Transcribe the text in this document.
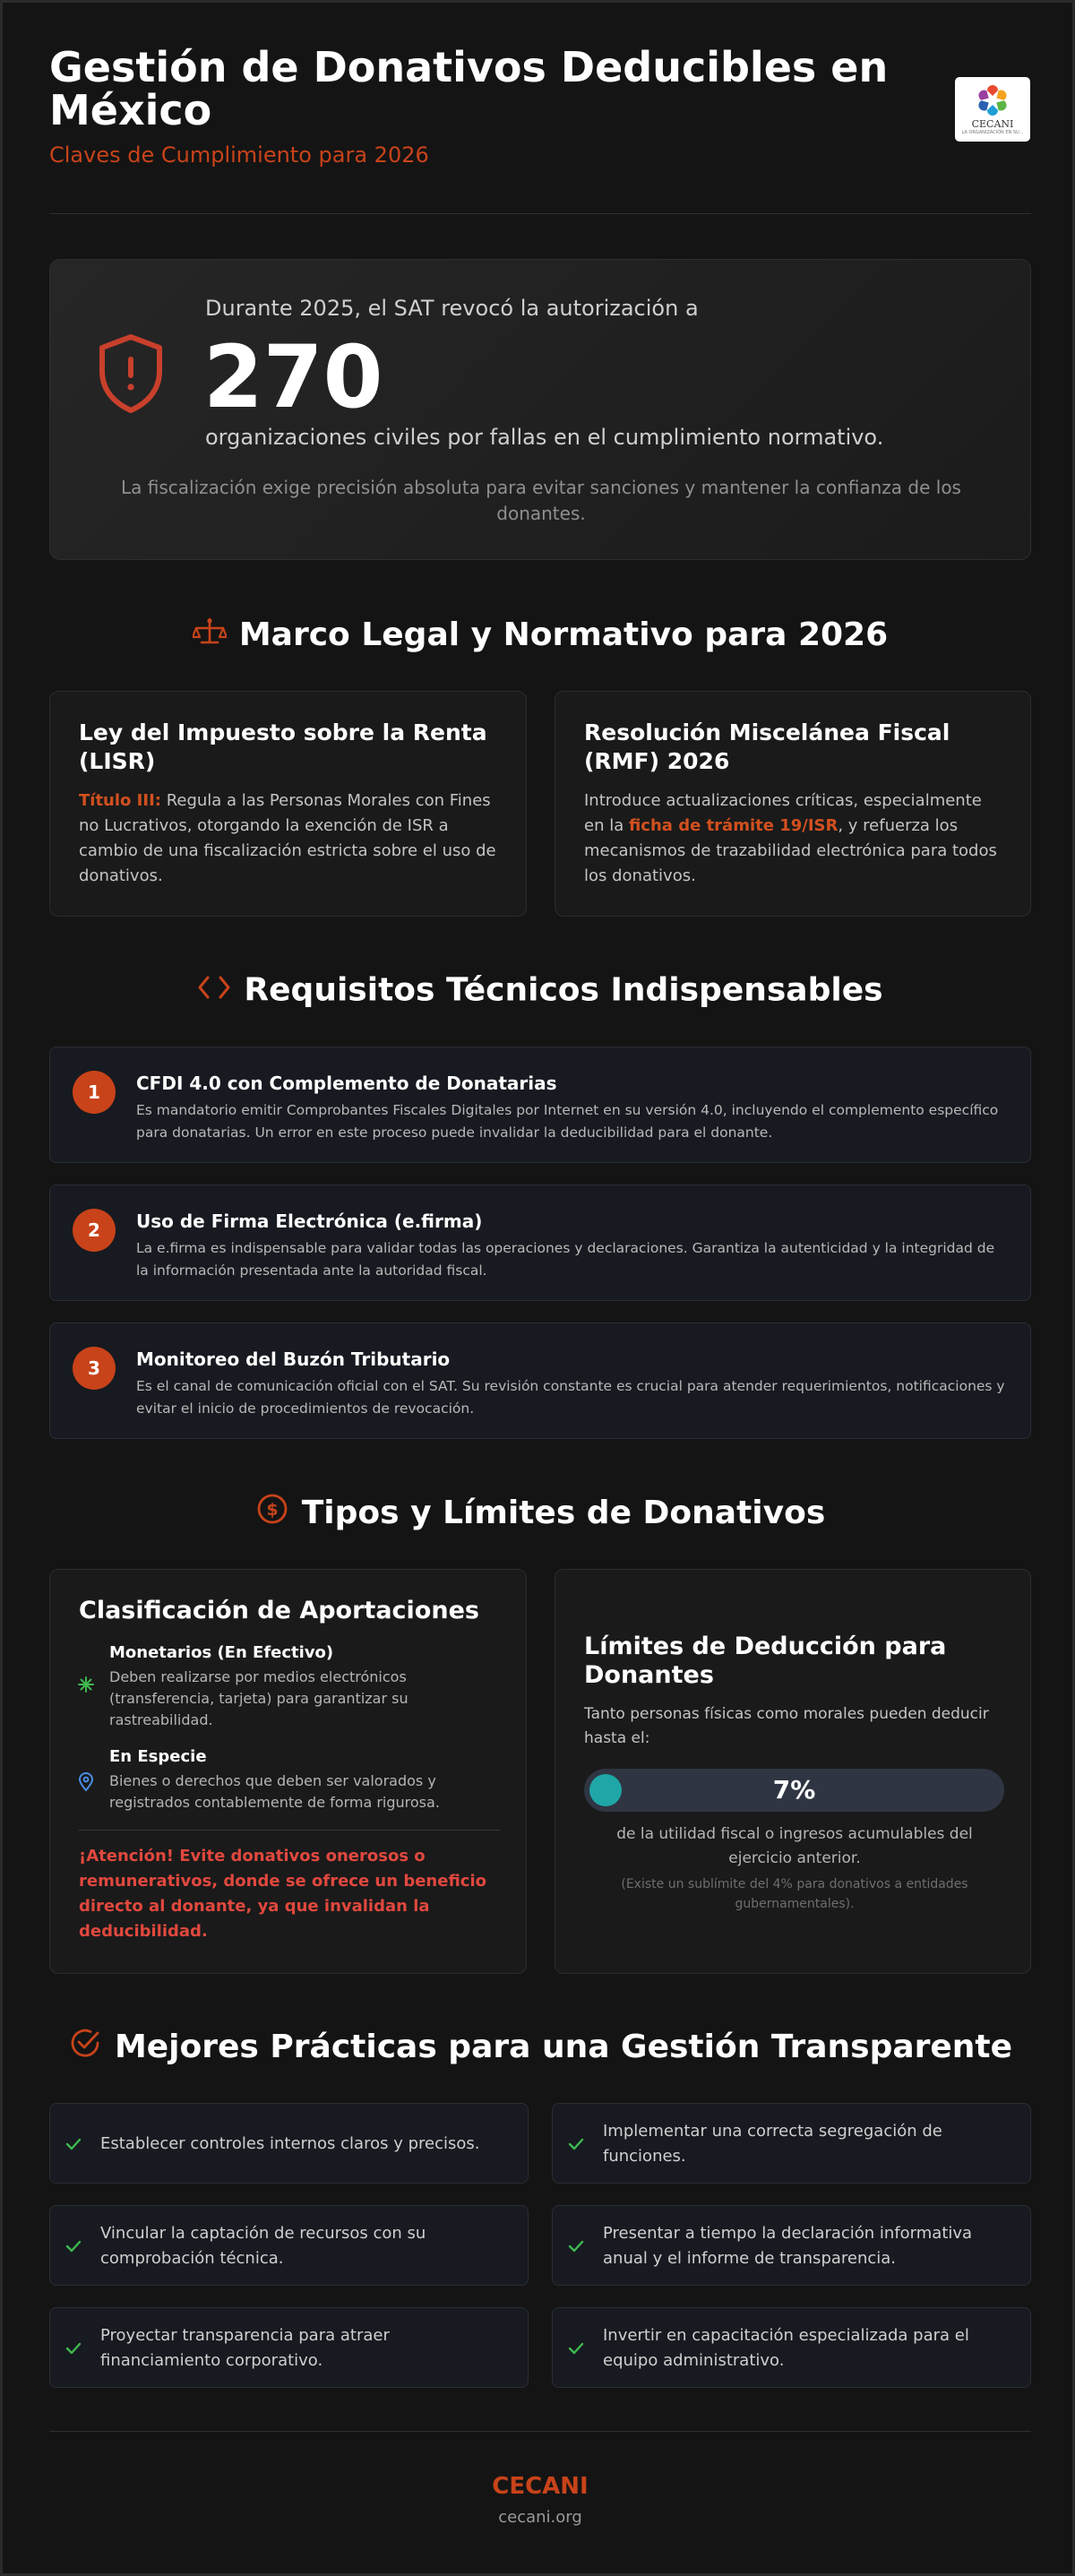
Gestión de Donativos Deducibles en México
Claves de Cumplimiento para 2026
CECANI
LA ORGANIZACIÓN EN SU...
Durante 2025, el SAT revocó la autorización a
270
organizaciones civiles por fallas en el cumplimiento normativo.
La fiscalización exige precisión absoluta para evitar sanciones y mantener la confianza de los donantes.
Marco Legal y Normativo para 2026
Ley del Impuesto sobre la Renta (LISR)

Título III: Regula a las Personas Morales con Fines no Lucrativos, otorgando la exención de ISR a cambio de una fiscalización estricta sobre el uso de donativos.

Resolución Miscelánea Fiscal (RMF) 2026

Introduce actualizaciones críticas, especialmente en la ficha de trámite 19/ISR, y refuerza los mecanismos de trazabilidad electrónica para todos los donativos.

Requisitos Técnicos Indispensables
1	CFDI 4.0 con Complemento de Donatarias

Es mandatorio emitir Comprobantes Fiscales Digitales por Internet en su versión 4.0, incluyendo el complemento específico para donatarias. Un error en este proceso puede invalidar la deducibilidad para el donante.

2	Uso de Firma Electrónica (e.firma)

La e.firma es indispensable para validar todas las operaciones y declaraciones. Garantiza la autenticidad y la integridad de la información presentada ante la autoridad fiscal.

3	Monitoreo del Buzón Tributario

Es el canal de comunicación oficial con el SAT. Su revisión constante es crucial para atender requerimientos, notificaciones y evitar el inicio de procedimientos de revocación.

$ Tipos y Límites de Donativos
Clasificación de Aportaciones
Monetarios (En Efectivo)
Deben realizarse por medios electrónicos (transferencia, tarjeta) para garantizar su rastreabilidad.
En Especie
Bienes o derechos que deben ser valorados y registrados contablemente de forma rigurosa.
¡Atención! Evite donativos onerosos o remunerativos, donde se ofrece un beneficio directo al donante, ya que invalidan la deducibilidad.
Límites de Deducción para Donantes
Tanto personas físicas como morales pueden deducir hasta el:
7%
de la utilidad fiscal o ingresos acumulables del ejercicio anterior.
(Existe un sublímite del 4% para donativos a entidades gubernamentales).
Mejores Prácticas para una Gestión Transparente

Establecer controles internos claros y precisos.

Implementar una correcta segregación de funciones.

Vincular la captación de recursos con su comprobación técnica.

Presentar a tiempo la declaración informativa anual y el informe de transparencia.

Proyectar transparencia para atraer financiamiento corporativo.

Invertir en capacitación especializada para el equipo administrativo.

CECANI
cecani.org
